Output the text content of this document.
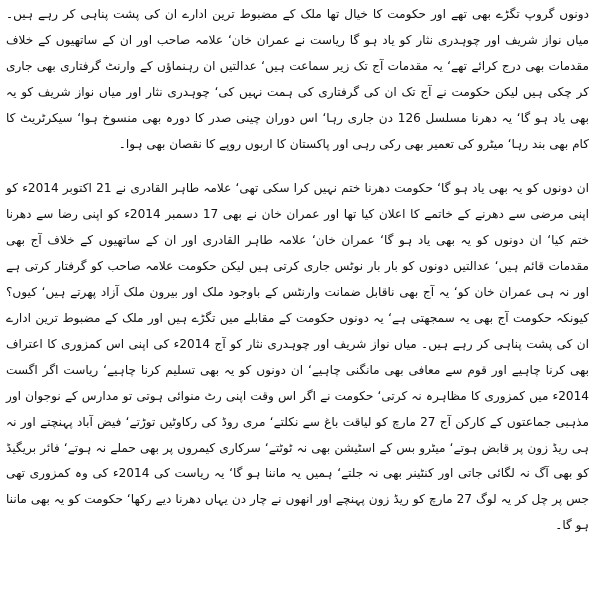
دونوں گروپ تگڑے بھی تھے اور حکومت کا خیال تھا ملک کے مضبوط ترین ادارے ان کی پشت پناہی کر رہے ہیں۔ میاں نواز شریف اور چوہدری نثار کو یاد ہو گا ریاست نے عمران خان‘ علامہ صاحب اور ان کے ساتھیوں کے خلاف مقدمات بھی درج کرائے تھے‘ یہ مقدمات آج تک زیر سماعت ہیں‘ عدالتیں ان رہنماؤں کے وارنٹ گرفتاری بھی جاری کر چکی ہیں لیکن حکومت نے آج تک ان کی گرفتاری کی ہمت نہیں کی‘ چوہدری نثار اور میاں نواز شریف کو یہ بھی یاد ہو گا‘ یہ دھرنا مسلسل 126 دن جاری رہا‘ اس دوران چینی صدر کا دورہ بھی منسوخ ہوا‘ سیکرٹریٹ کا کام بھی بند رہا‘ میٹرو کی تعمیر بھی رکی رہی اور پاکستان کا اربوں روپے کا نقصان بھی ہوا۔

ان دونوں کو یہ بھی یاد ہو گا‘ حکومت دھرنا ختم نہیں کرا سکی تھی‘ علامہ طاہر القادری نے 21 اکتوبر 2014ء کو اپنی مرضی سے دھرنے کے خاتمے کا اعلان کیا تھا اور عمران خان نے بھی 17 دسمبر 2014ء کو اپنی رضا سے دھرنا ختم کیا‘ ان دونوں کو یہ بھی یاد ہو گا‘ عمران خان‘ علامہ طاہر القادری اور ان کے ساتھیوں کے خلاف آج بھی مقدمات قائم ہیں‘ عدالتیں دونوں کو بار بار نوٹس جاری کرتی ہیں لیکن حکومت علامہ صاحب کو گرفتار کرتی ہے اور نہ ہی عمران خان کو‘ یہ آج بھی ناقابل ضمانت وارنٹس کے باوجود ملک اور بیرون ملک آزاد پھرتے ہیں‘ کیوں؟ کیونکہ حکومت آج بھی یہ سمجھتی ہے‘ یہ دونوں حکومت کے مقابلے میں تگڑے ہیں اور ملک کے مضبوط ترین ادارے ان کی پشت پناہی کر رہے ہیں۔ میاں نواز شریف اور چوہدری نثار کو آج 2014ء کی اپنی اس کمزوری کا اعتراف بھی کرنا چاہیے اور قوم سے معافی بھی مانگنی چاہیے‘ ان دونوں کو یہ بھی تسلیم کرنا چاہیے‘ ریاست اگر اگست 2014ء میں کمزوری کا مظاہرہ نہ کرتی‘ حکومت نے اگر اس وقت اپنی رٹ منوائی ہوتی تو مدارس کے نوجوان اور مذہبی جماعتوں کے کارکن آج 27 مارچ کو لیاقت باغ سے نکلتے‘ مری روڈ کی رکاوٹیں توڑتے‘ فیض آباد پہنچتے اور نہ ہی ریڈ زون پر قابض ہوتے‘ میٹرو بس کے اسٹیشن بھی نہ ٹوٹتے‘ سرکاری کیمروں پر بھی حملے نہ ہوتے‘ فائر بریگیڈ کو بھی آگ نہ لگائی جاتی اور کنٹینر بھی نہ جلتے‘ ہمیں یہ ماننا ہو گا‘ یہ ریاست کی 2014ء کی وہ کمزوری تھی جس پر چل کر یہ لوگ 27 مارچ کو ریڈ زون پہنچے اور انھوں نے چار دن یہاں دھرنا دیے رکھا‘ حکومت کو یہ بھی ماننا ہو گا۔
